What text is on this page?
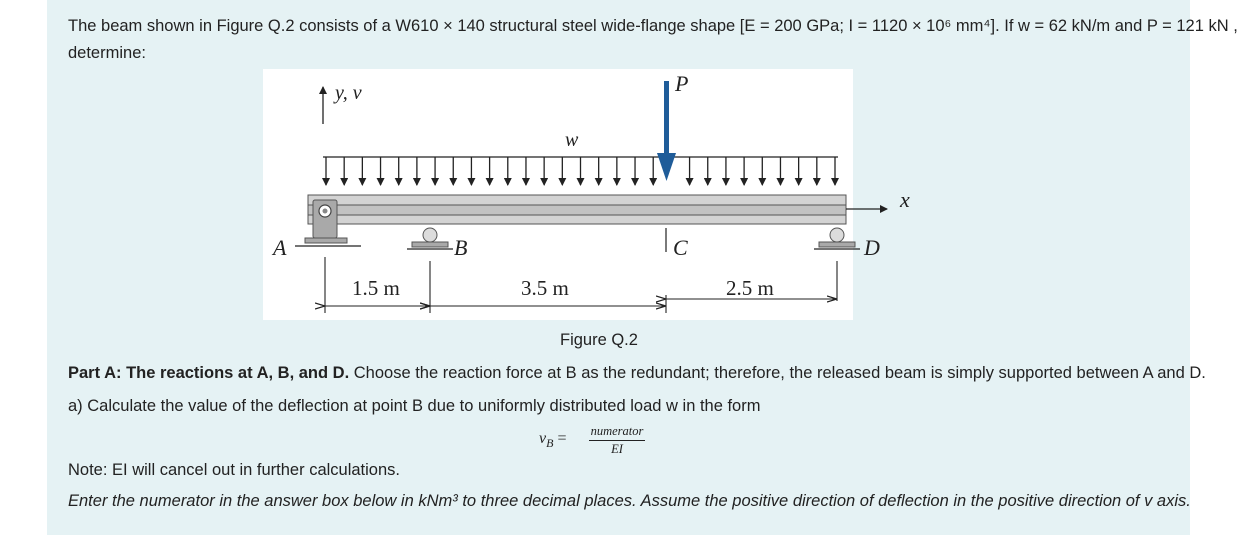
The beam shown in Figure Q.2 consists of a W610 × 140 structural steel wide-flange shape [E = 200 GPa; I = 1120 × 10⁶ mm⁴]. If w = 62 kN/m and P = 121 kN ,
determine:
y, v
w
P
x
A	B	C	D
1.5 m	3.5 m	2.5 m
Figure Q.2
Part A: The reactions at A, B, and D. Choose the reaction force at B as the redundant; therefore, the released beam is simply supported between A and D.
a) Calculate the value of the deflection at point B due to uniformly distributed load w in the form
$v_B$ = numerator
EI
Note: EI will cancel out in further calculations.
Enter the numerator in the answer box below in kNm³ to three decimal places. Assume the positive direction of deflection in the positive direction of v axis.
